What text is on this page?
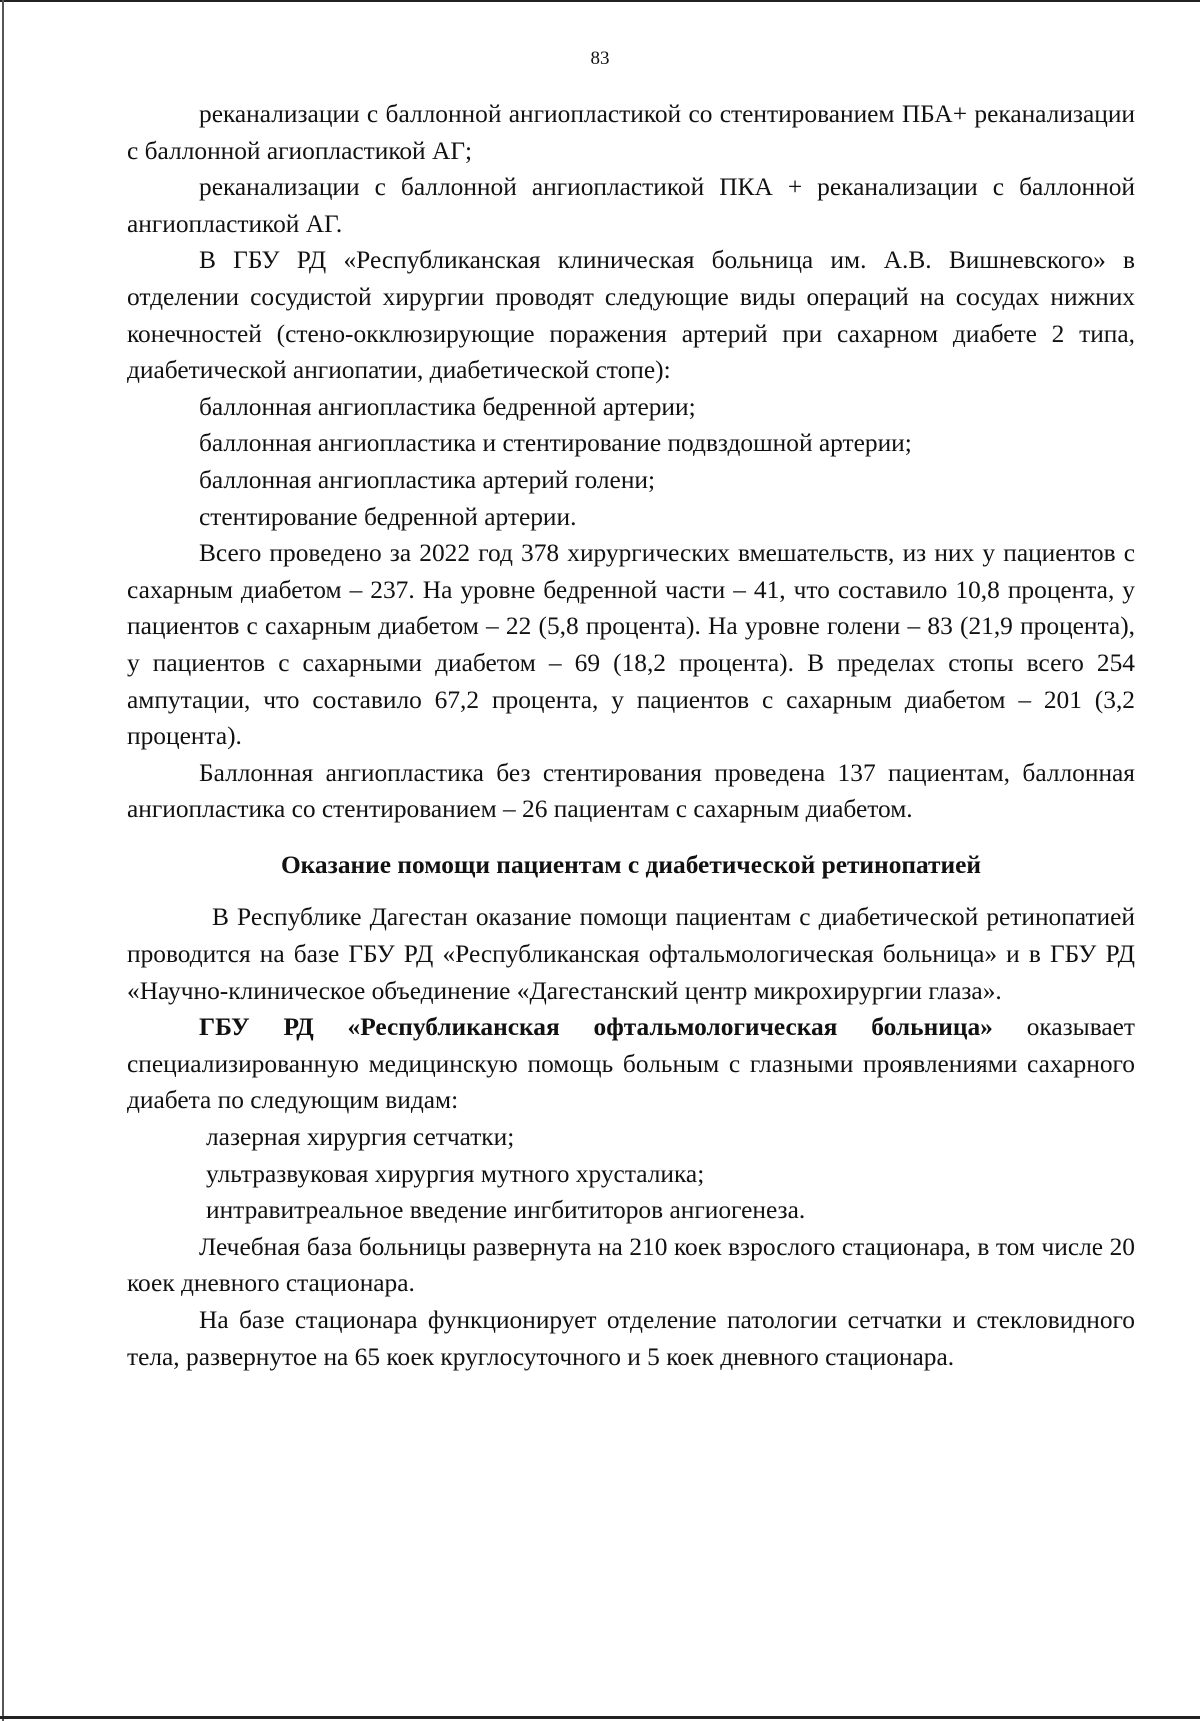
83

реканализации с баллонной ангиопластикой со стентированием ПБА+ реканализации с баллонной агиопластикой АГ;

реканализации с баллонной ангиопластикой ПКА + реканализации с баллонной ангиопластикой АГ.

В ГБУ РД «Республиканская клиническая больница им. А.В. Вишневского» в отделении сосудистой хирургии проводят следующие виды операций на сосудах нижних конечностей (стено-окклюзирующие поражения артерий при сахарном диабете 2 типа, диабетической ангиопатии, диабетической стопе):

баллонная ангиопластика бедренной артерии;

баллонная ангиопластика и стентирование подвздошной артерии;

баллонная ангиопластика артерий голени;

стентирование бедренной артерии.

Всего проведено за 2022 год 378 хирургических вмешательств, из них у пациентов с сахарным диабетом – 237. На уровне бедренной части – 41, что составило 10,8 процента, у пациентов с сахарным диабетом – 22 (5,8 процента). На уровне голени – 83 (21,9 процента), у пациентов с сахарными диабетом – 69 (18,2 процента). В пределах стопы всего 254 ампутации, что составило 67,2 процента, у пациентов с сахарным диабетом – 201 (3,2 процента).

Баллонная ангиопластика без стентирования проведена 137 пациентам, баллонная ангиопластика со стентированием – 26 пациентам с сахарным диабетом.

Оказание помощи пациентам с диабетической ретинопатией

В Республике Дагестан оказание помощи пациентам с диабетической ретинопатией проводится на базе ГБУ РД «Республиканская офтальмологическая больница» и в ГБУ РД «Научно-клиническое объединение «Дагестанский центр микрохирургии глаза».

ГБУ РД «Республиканская офтальмологическая больница» оказывает специализированную медицинскую помощь больным с глазными проявлениями сахарного диабета по следующим видам:

лазерная хирургия сетчатки;

ультразвуковая хирургия мутного хрусталика;

интравитреальное введение ингбититоров ангиогенеза.

Лечебная база больницы развернута на 210 коек взрослого стационара, в том числе 20 коек дневного стационара.

На базе стационара функционирует отделение патологии сетчатки и стекловидного тела, развернутое на 65 коек круглосуточного и 5 коек дневного стационара.
